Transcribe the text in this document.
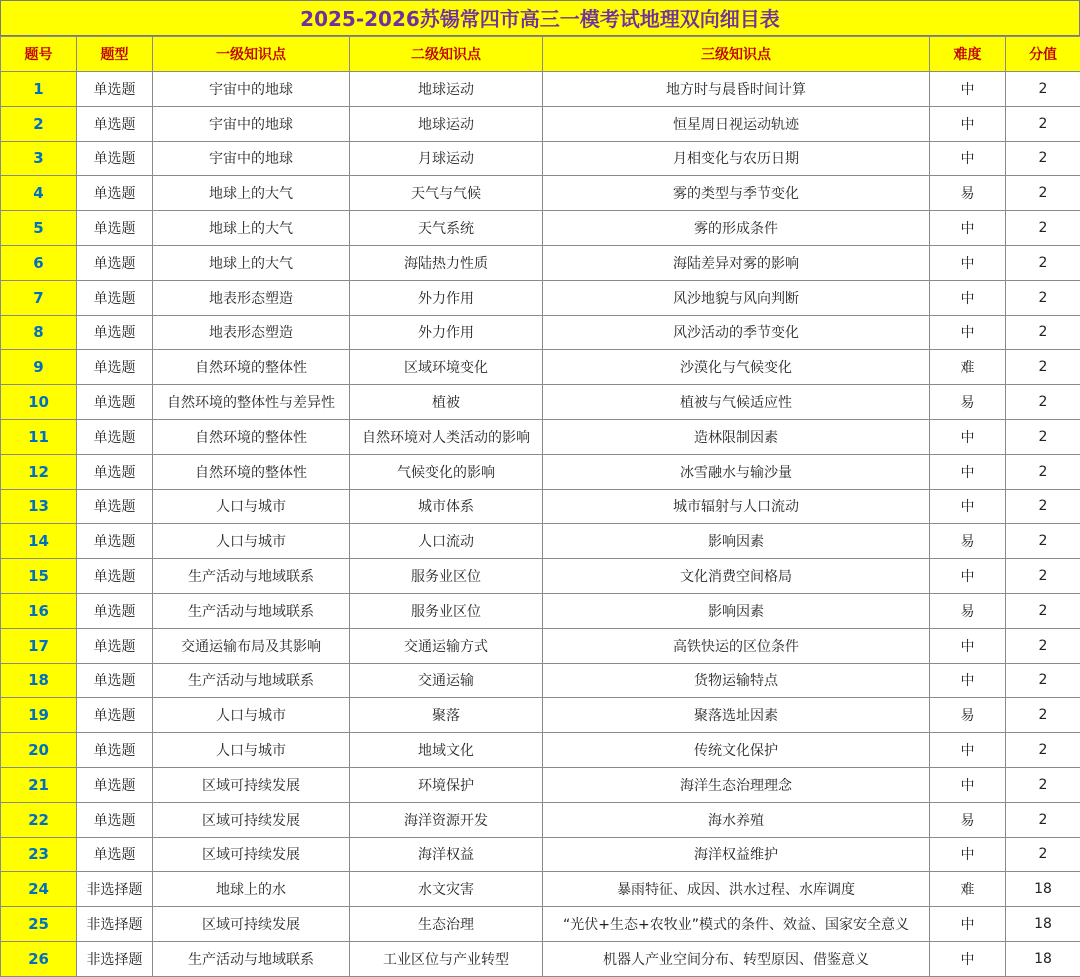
2025-2026苏锡常四市高三一模考试地理双向细目表
题号	题型	一级知识点	二级知识点	三级知识点	难度	分值
1	单选题	宇宙中的地球	地球运动	地方时与晨昏时间计算	中	2
2	单选题	宇宙中的地球	地球运动	恒星周日视运动轨迹	中	2
3	单选题	宇宙中的地球	月球运动	月相变化与农历日期	中	2
4	单选题	地球上的大气	天气与气候	雾的类型与季节变化	易	2
5	单选题	地球上的大气	天气系统	雾的形成条件	中	2
6	单选题	地球上的大气	海陆热力性质	海陆差异对雾的影响	中	2
7	单选题	地表形态塑造	外力作用	风沙地貌与风向判断	中	2
8	单选题	地表形态塑造	外力作用	风沙活动的季节变化	中	2
9	单选题	自然环境的整体性	区域环境变化	沙漠化与气候变化	难	2
10	单选题	自然环境的整体性与差异性	植被	植被与气候适应性	易	2
11	单选题	自然环境的整体性	自然环境对人类活动的影响	造林限制因素	中	2
12	单选题	自然环境的整体性	气候变化的影响	冰雪融水与输沙量	中	2
13	单选题	人口与城市	城市体系	城市辐射与人口流动	中	2
14	单选题	人口与城市	人口流动	影响因素	易	2
15	单选题	生产活动与地域联系	服务业区位	文化消费空间格局	中	2
16	单选题	生产活动与地域联系	服务业区位	影响因素	易	2
17	单选题	交通运输布局及其影响	交通运输方式	高铁快运的区位条件	中	2
18	单选题	生产活动与地域联系	交通运输	货物运输特点	中	2
19	单选题	人口与城市	聚落	聚落选址因素	易	2
20	单选题	人口与城市	地域文化	传统文化保护	中	2
21	单选题	区域可持续发展	环境保护	海洋生态治理理念	中	2
22	单选题	区域可持续发展	海洋资源开发	海水养殖	易	2
23	单选题	区域可持续发展	海洋权益	海洋权益维护	中	2
24	非选择题	地球上的水	水文灾害	暴雨特征、成因、洪水过程、水库调度	难	18
25	非选择题	区域可持续发展	生态治理	“光伏+生态+农牧业”模式的条件、效益、国家安全意义	中	18
26	非选择题	生产活动与地域联系	工业区位与产业转型	机器人产业空间分布、转型原因、借鉴意义	中	18
